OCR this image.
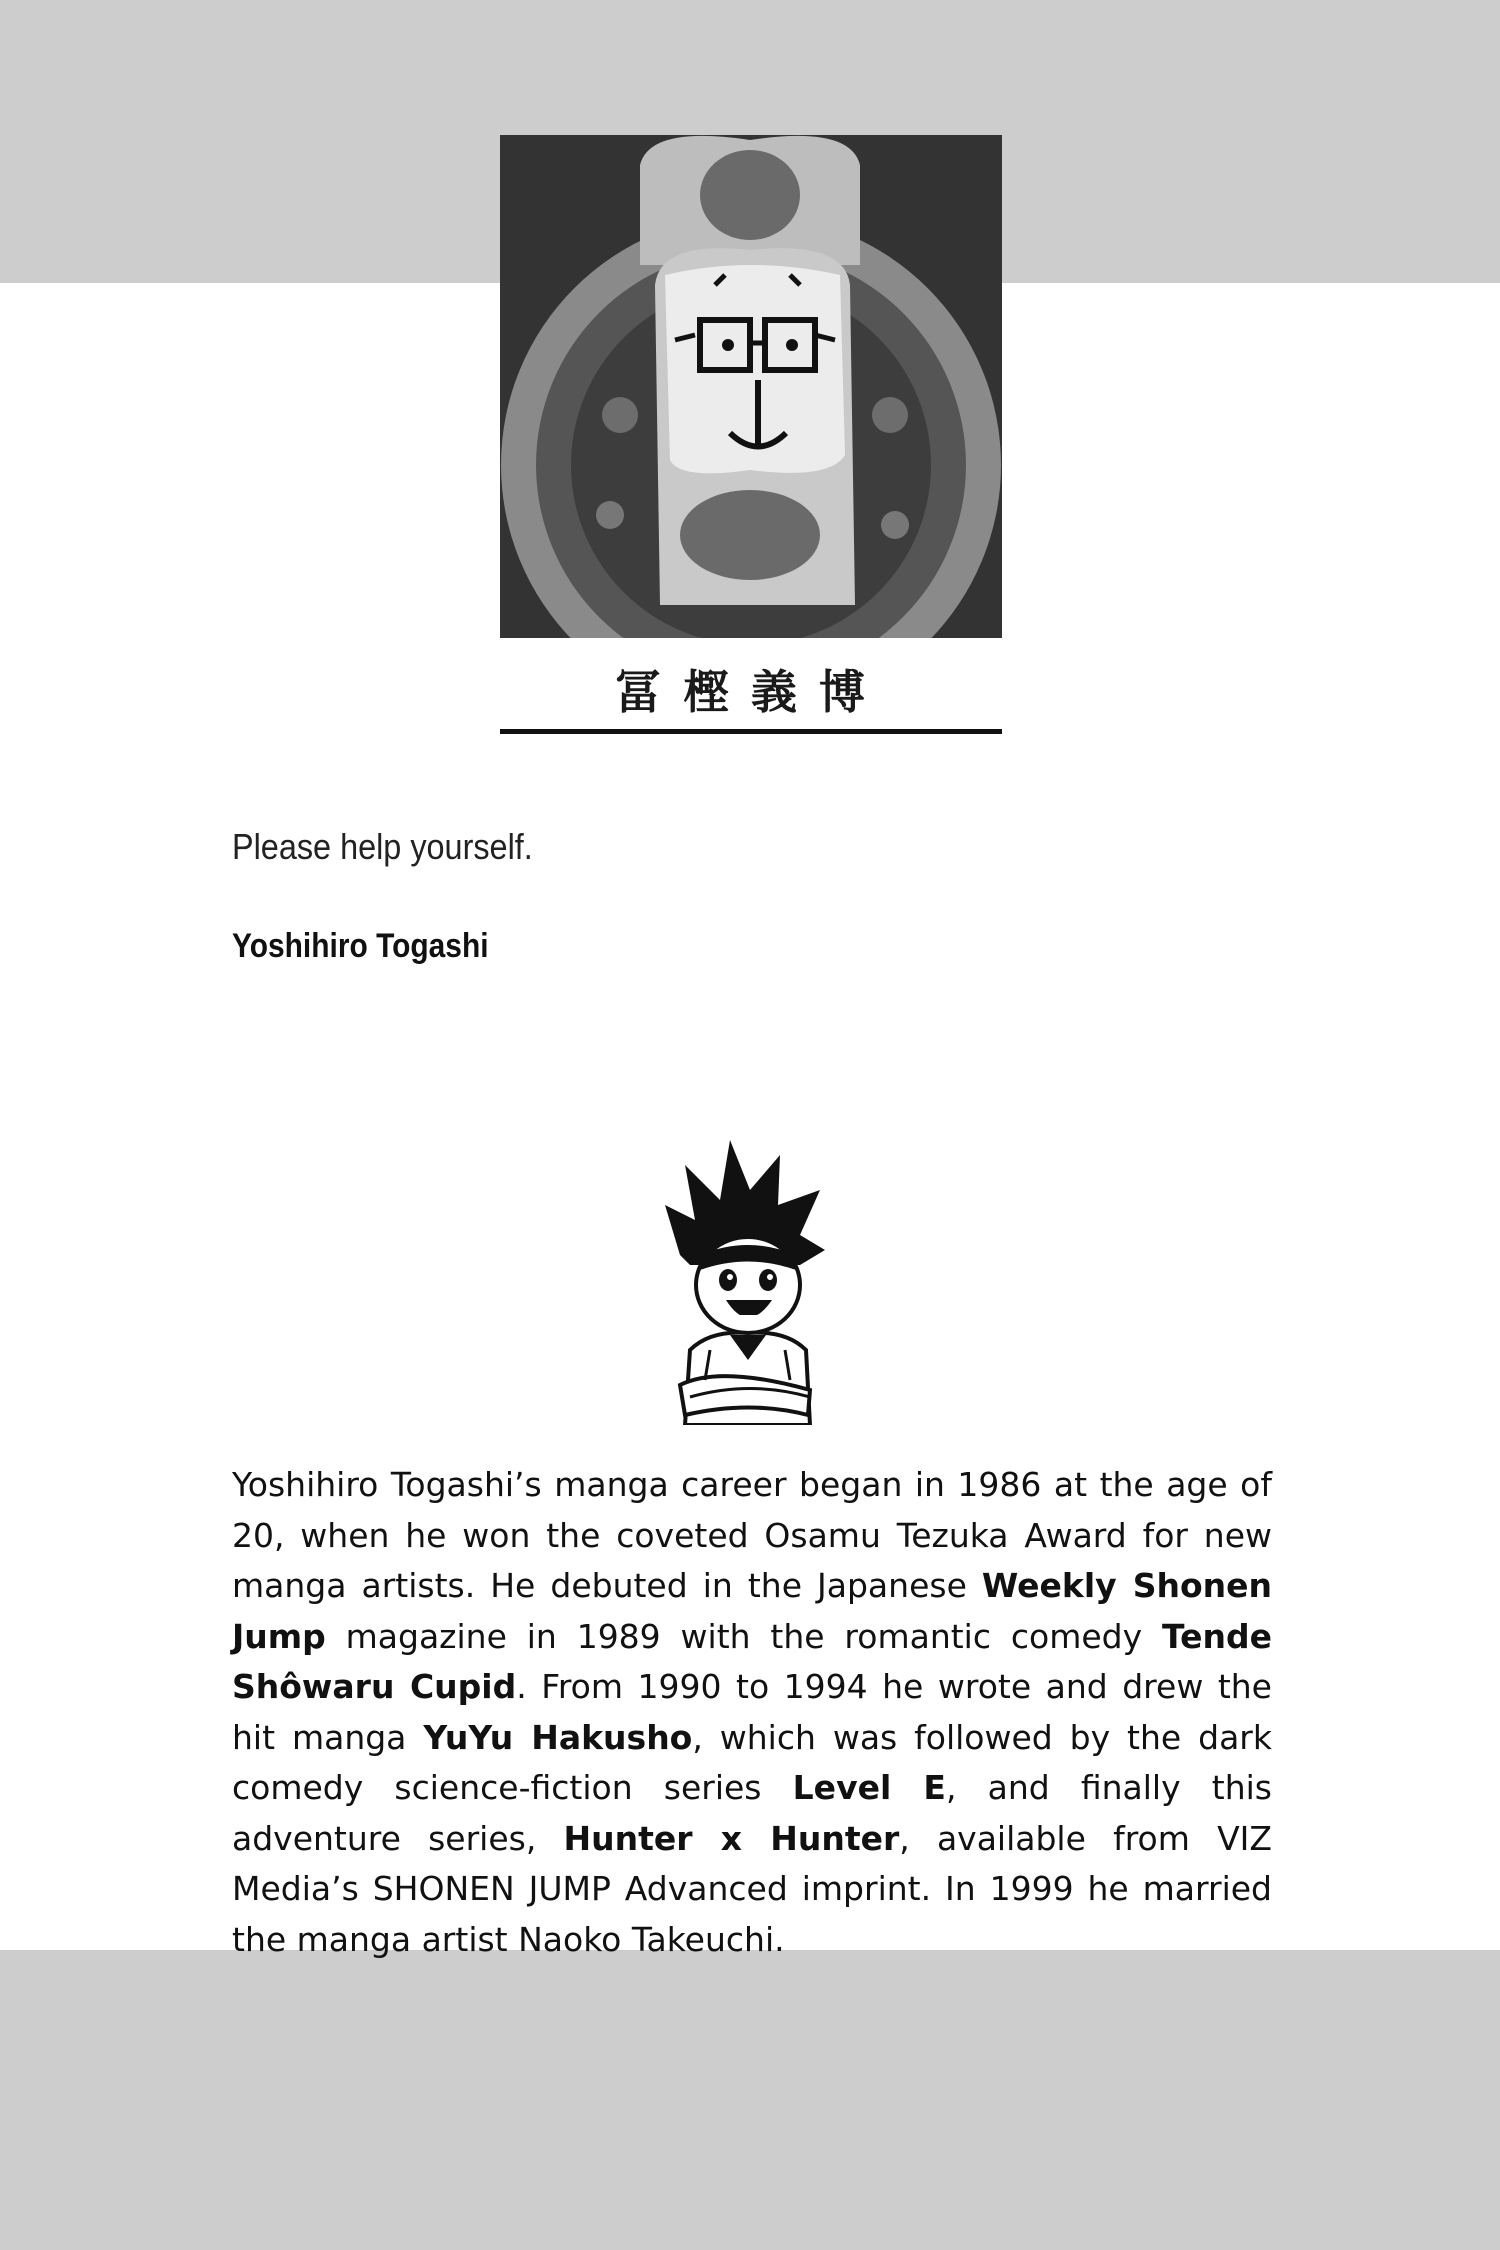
冨樫義博
Please help yourself.
Yoshihiro Togashi
Yoshihiro Togashi’s manga career began in 1986 at the age of 20, when he won the coveted Osamu Tezuka Award for new manga artists. He debuted in the Japanese Weekly Shonen Jump magazine in 1989 with the romantic comedy Tende Shôwaru Cupid. From 1990 to 1994 he wrote and drew the hit manga YuYu Hakusho, which was followed by the dark comedy science-fiction series Level E, and finally this adventure series, Hunter x Hunter, available from VIZ Media’s SHONEN JUMP Advanced imprint. In 1999 he married the manga artist Naoko Takeuchi.
